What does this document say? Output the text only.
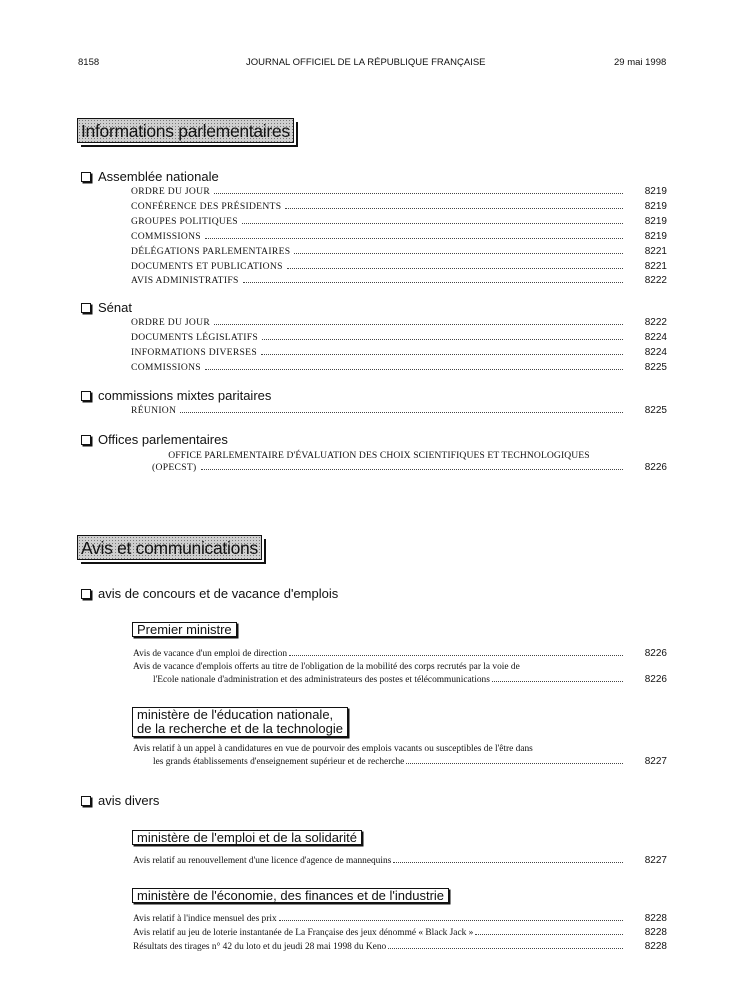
8158	JOURNAL OFFICIEL DE LA RÉPUBLIQUE FRANÇAISE	29 mai 1998
Informations parlementaires
Assemblée nationale
ORDRE DU JOUR	8219
CONFÉRENCE DES PRÉSIDENTS	8219
GROUPES POLITIQUES	8219
COMMISSIONS	8219
DÉLÉGATIONS PARLEMENTAIRES	8221
DOCUMENTS ET PUBLICATIONS	8221
AVIS ADMINISTRATIFS	8222
Sénat
ORDRE DU JOUR	8222
DOCUMENTS LÉGISLATIFS	8224
INFORMATIONS DIVERSES	8224
COMMISSIONS	8225
commissions mixtes paritaires
RÉUNION	8225
Offices parlementaires
OFFICE PARLEMENTAIRE D'ÉVALUATION DES CHOIX SCIENTIFIQUES ET TECHNOLOGIQUES
(OPECST)	8226
Avis et communications
avis de concours et de vacance d'emplois
Premier ministre
Avis de vacance d'un emploi de direction	8226
Avis de vacance d'emplois offerts au titre de l'obligation de la mobilité des corps recrutés par la voie de
l'Ecole nationale d'administration et des administrateurs des postes et télécommunications	8226
ministère de l'éducation nationale,
de la recherche et de la technologie
Avis relatif à un appel à candidatures en vue de pourvoir des emplois vacants ou susceptibles de l'être dans
les grands établissements d'enseignement supérieur et de recherche	8227
avis divers
ministère de l'emploi et de la solidarité
Avis relatif au renouvellement d'une licence d'agence de mannequins	8227
ministère de l'économie, des finances et de l'industrie
Avis relatif à l'indice mensuel des prix	8228
Avis relatif au jeu de loterie instantanée de La Française des jeux dénommé « Black Jack »	8228
Résultats des tirages n° 42 du loto et du jeudi 28 mai 1998 du Keno	8228
